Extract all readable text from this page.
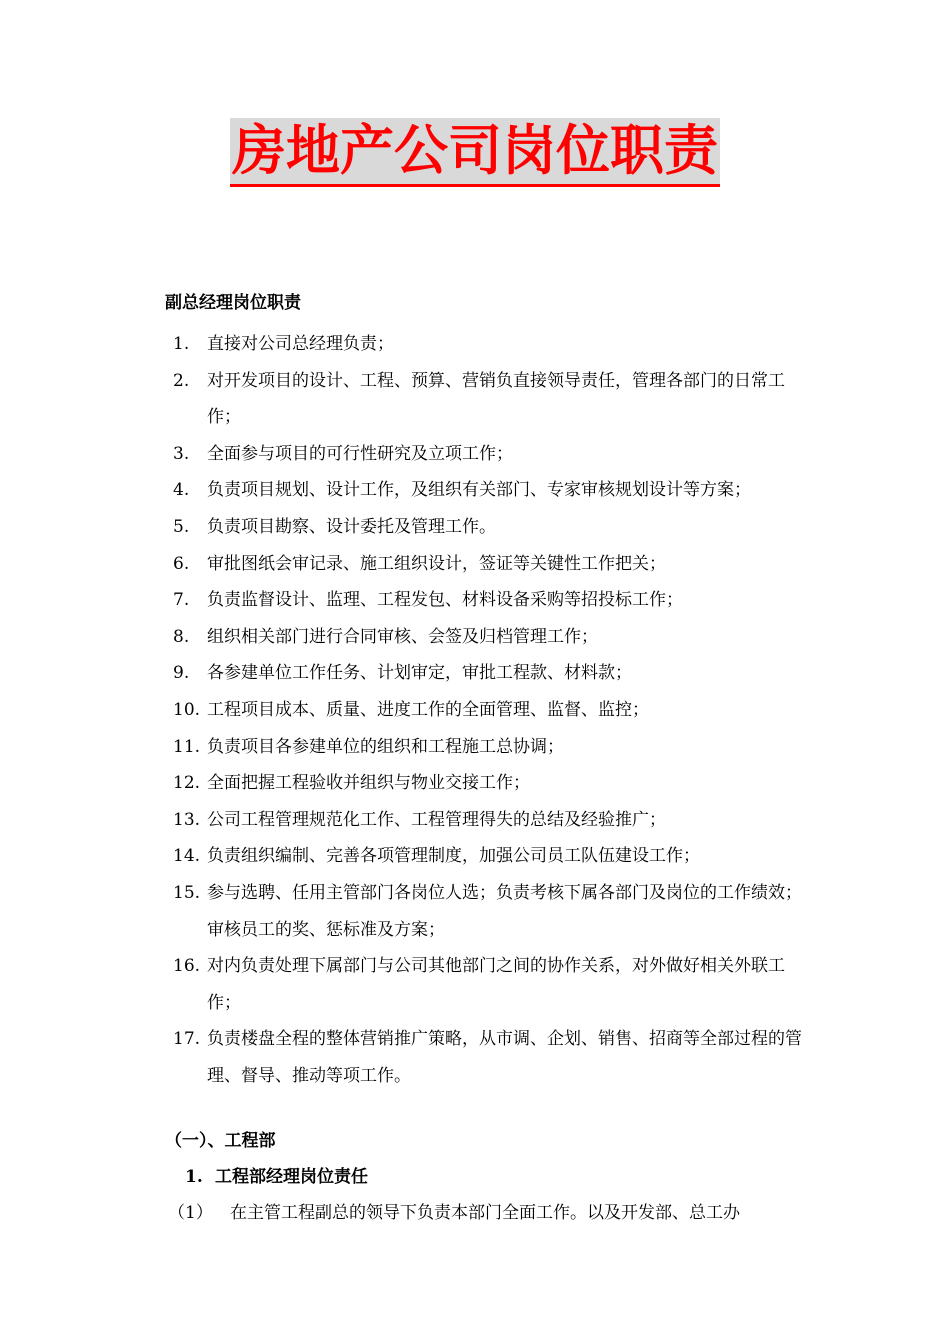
房地产公司岗位职责
副总经理岗位职责
1. 直接对公司总经理负责；
2. 对开发项目的设计、工程、预算、营销负直接领导责任，管理各部门的日常工作；
3. 全面参与项目的可行性研究及立项工作；
4. 负责项目规划、设计工作，及组织有关部门、专家审核规划设计等方案；
5. 负责项目勘察、设计委托及管理工作。
6. 审批图纸会审记录、施工组织设计，签证等关键性工作把关；
7. 负责监督设计、监理、工程发包、材料设备采购等招投标工作；
8. 组织相关部门进行合同审核、会签及归档管理工作；
9. 各参建单位工作任务、计划审定，审批工程款、材料款；
10. 工程项目成本、质量、进度工作的全面管理、监督、监控；
11. 负责项目各参建单位的组织和工程施工总协调；
12. 全面把握工程验收并组织与物业交接工作；
13. 公司工程管理规范化工作、工程管理得失的总结及经验推广；
14. 负责组织编制、完善各项管理制度，加强公司员工队伍建设工作；
15. 参与选聘、任用主管部门各岗位人选；负责考核下属各部门及岗位的工作绩效；审核员工的奖、惩标准及方案；
16. 对内负责处理下属部门与公司其他部门之间的协作关系，对外做好相关外联工作；
17. 负责楼盘全程的整体营销推广策略，从市调、企划、销售、招商等全部过程的管理、督导、推动等项工作。
（一）、工程部
1. 工程部经理岗位责任
（1） 在主管工程副总的领导下负责本部门全面工作。以及开发部、总工办
